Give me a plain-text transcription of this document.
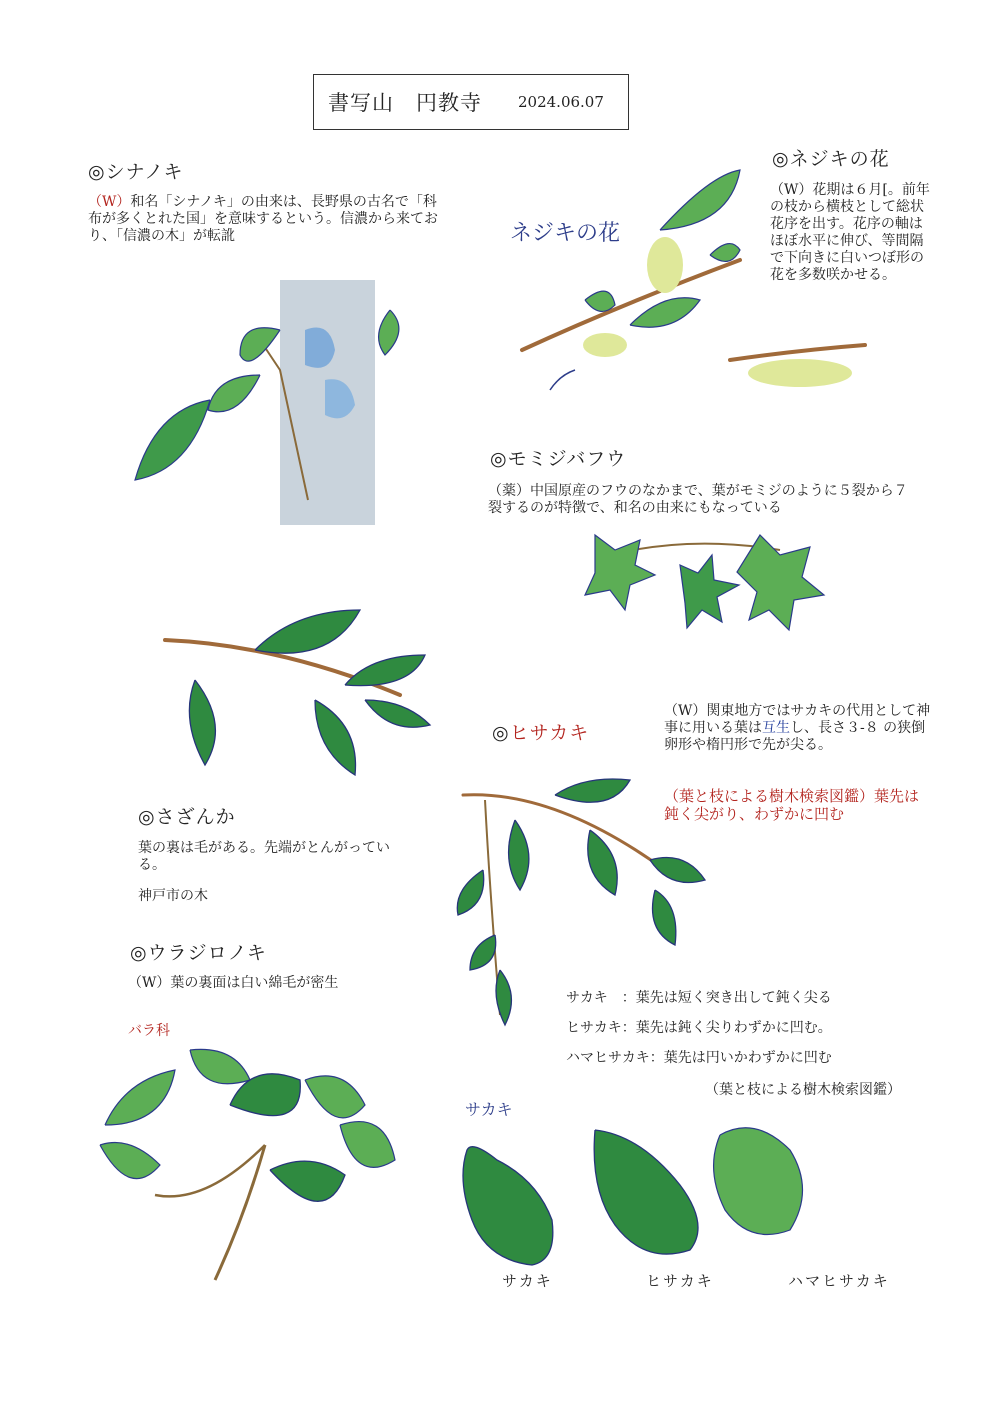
書写山　円教寺 2024.06.07
◎シナノキ
（W）和名「シナノキ」の由来は、長野県の古名で「科布が多くとれた国」を意味するという。信濃から来ており、「信濃の木」が転訛
◎ネジキの花
（W）花期は６月[。前年の枝から横枝として総状花序を出す。花序の軸はほぼ水平に伸び、等間隔で下向きに白いつぼ形の花を多数咲かせる。
◎モミジバフウ
（薬）中国原産のフウのなかまで、葉がモミジのように５裂から７裂するのが特徴で、和名の由来にもなっている
◎ヒサカキ
（W）関東地方ではサカキの代用として神事に用いる葉は互生し、長さ３-８ の狭倒卵形や楕円形で先が尖る。
（葉と枝による樹木検索図鑑）葉先は鈍く尖がり、わずかに凹む
◎さざんか
葉の裏は毛がある。先端がとんがっている。
神戸市の木
◎ウラジロノキ
（W）葉の裏面は白い綿毛が密生
バラ科
サカキ　：葉先は短く突き出して鈍く尖る
ヒサカキ：葉先は鈍く尖りわずかに凹む。
ハマヒサカキ：葉先は円いかわずかに凹む
（葉と枝による樹木検索図鑑）
サカキ	ヒサカキ	ハマヒサカキ
ネジキの花
サカキ
